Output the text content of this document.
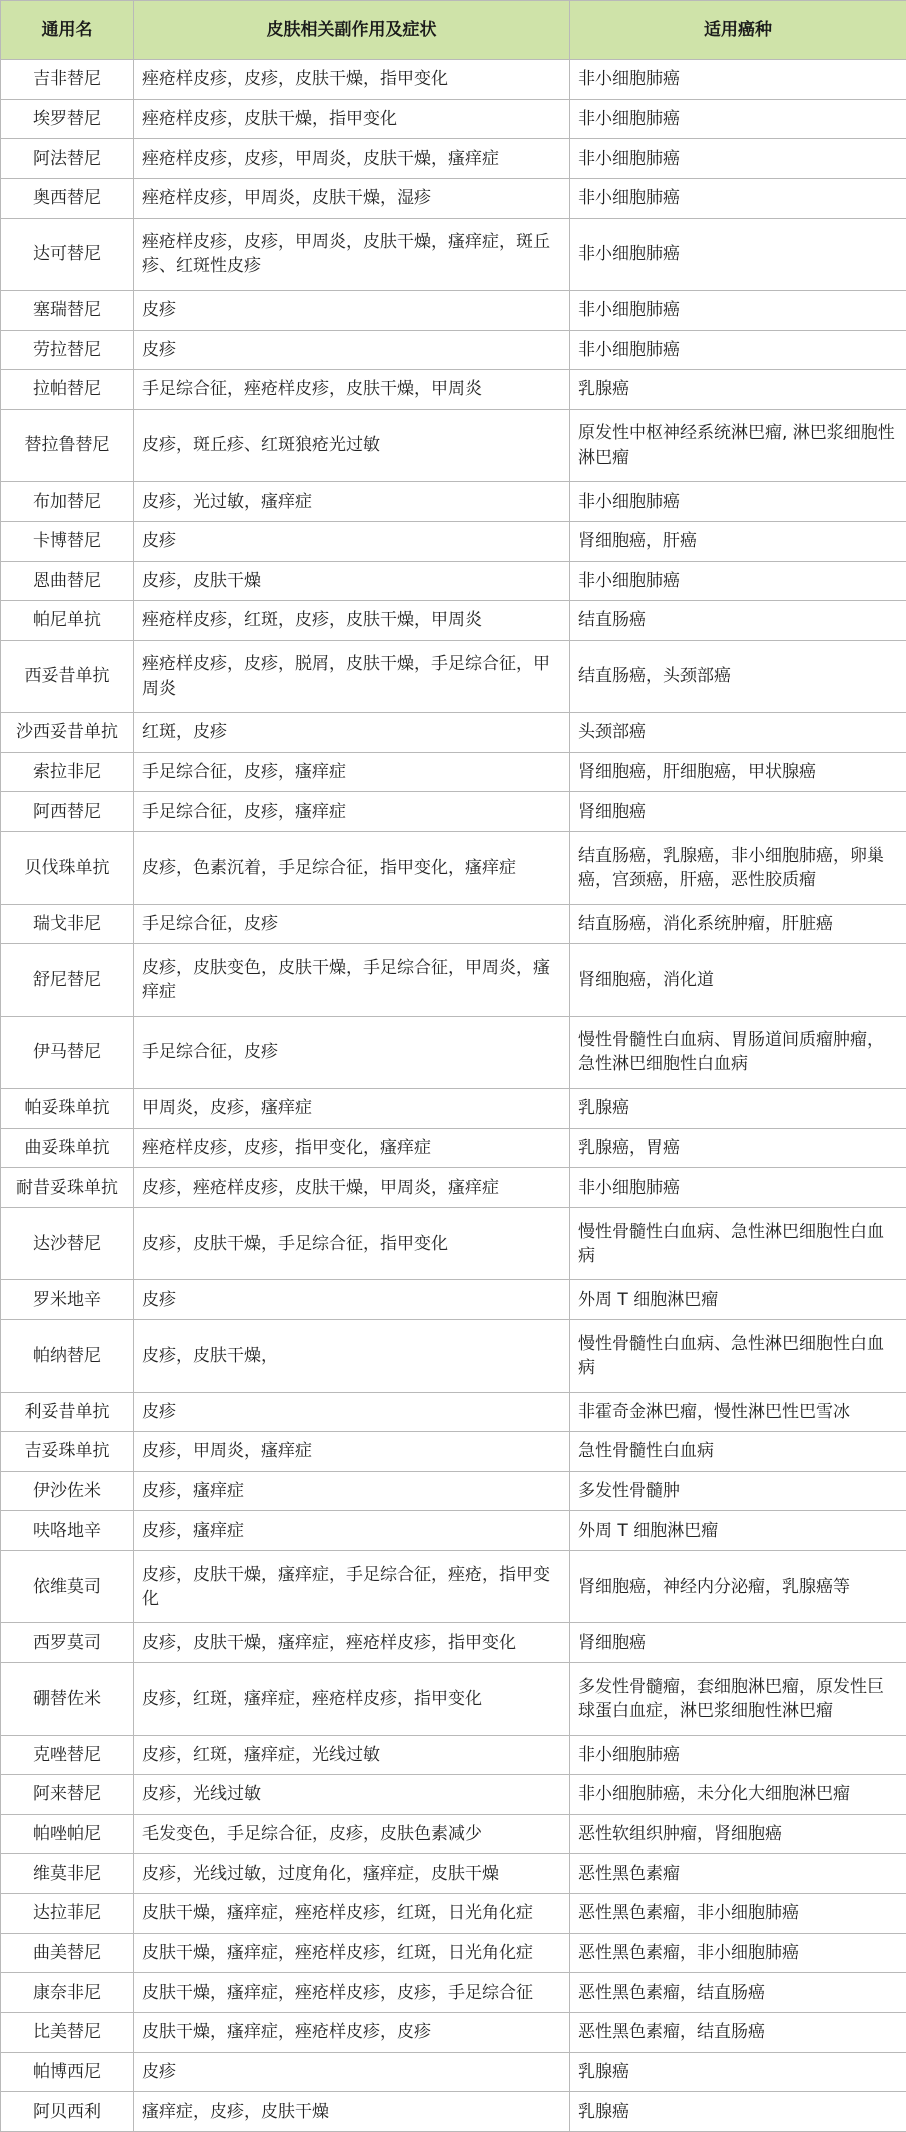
通用名	皮肤相关副作用及症状	适用癌种
吉非替尼	痤疮样皮疹，皮疹，皮肤干燥，指甲变化	非小细胞肺癌
埃罗替尼	痤疮样皮疹，皮肤干燥，指甲变化	非小细胞肺癌
阿法替尼	痤疮样皮疹，皮疹，甲周炎，皮肤干燥，瘙痒症	非小细胞肺癌
奥西替尼	痤疮样皮疹，甲周炎，皮肤干燥，湿疹	非小细胞肺癌
达可替尼	痤疮样皮疹，皮疹，甲周炎，皮肤干燥，瘙痒症，斑丘疹、红斑性皮疹	非小细胞肺癌
塞瑞替尼	皮疹	非小细胞肺癌
劳拉替尼	皮疹	非小细胞肺癌
拉帕替尼	手足综合征，痤疮样皮疹，皮肤干燥，甲周炎	乳腺癌
替拉鲁替尼	皮疹，斑丘疹、红斑狼疮光过敏	原发性中枢神经系统淋巴瘤, 淋巴浆细胞性淋巴瘤
布加替尼	皮疹，光过敏，瘙痒症	非小细胞肺癌
卡博替尼	皮疹	肾细胞癌，肝癌
恩曲替尼	皮疹，皮肤干燥	非小细胞肺癌
帕尼单抗	痤疮样皮疹，红斑，皮疹，皮肤干燥，甲周炎	结直肠癌
西妥昔单抗	痤疮样皮疹，皮疹，脱屑，皮肤干燥，手足综合征，甲周炎	结直肠癌，头颈部癌
沙西妥昔单抗	红斑，皮疹	头颈部癌
索拉非尼	手足综合征，皮疹，瘙痒症	肾细胞癌，肝细胞癌，甲状腺癌
阿西替尼	手足综合征，皮疹，瘙痒症	肾细胞癌
贝伐珠单抗	皮疹，色素沉着，手足综合征，指甲变化，瘙痒症	结直肠癌，乳腺癌，非小细胞肺癌，卵巢癌，宫颈癌，肝癌，恶性胶质瘤
瑞戈非尼	手足综合征，皮疹	结直肠癌，消化系统肿瘤，肝脏癌
舒尼替尼	皮疹，皮肤变色，皮肤干燥，手足综合征，甲周炎，瘙痒症	肾细胞癌，消化道
伊马替尼	手足综合征，皮疹	慢性骨髓性白血病、胃肠道间质瘤肿瘤，急性淋巴细胞性白血病
帕妥珠单抗	甲周炎，皮疹，瘙痒症	乳腺癌
曲妥珠单抗	痤疮样皮疹，皮疹，指甲变化，瘙痒症	乳腺癌，胃癌
耐昔妥珠单抗	皮疹，痤疮样皮疹，皮肤干燥，甲周炎，瘙痒症	非小细胞肺癌
达沙替尼	皮疹，皮肤干燥，手足综合征，指甲变化	慢性骨髓性白血病、急性淋巴细胞性白血病
罗米地辛	皮疹	外周 T 细胞淋巴瘤
帕纳替尼	皮疹，皮肤干燥，	慢性骨髓性白血病、急性淋巴细胞性白血病
利妥昔单抗	皮疹	非霍奇金淋巴瘤，慢性淋巴性巴雪冰
吉妥珠单抗	皮疹，甲周炎，瘙痒症	急性骨髓性白血病
伊沙佐米	皮疹，瘙痒症	多发性骨髓肿
呋咯地辛	皮疹，瘙痒症	外周 T 细胞淋巴瘤
依维莫司	皮疹，皮肤干燥，瘙痒症，手足综合征，痤疮，指甲变化	肾细胞癌，神经内分泌瘤，乳腺癌等
西罗莫司	皮疹，皮肤干燥，瘙痒症，痤疮样皮疹，指甲变化	肾细胞癌
硼替佐米	皮疹，红斑，瘙痒症，痤疮样皮疹，指甲变化	多发性骨髓瘤，套细胞淋巴瘤，原发性巨球蛋白血症，淋巴浆细胞性淋巴瘤
克唑替尼	皮疹，红斑，瘙痒症，光线过敏	非小细胞肺癌
阿来替尼	皮疹，光线过敏	非小细胞肺癌，未分化大细胞淋巴瘤
帕唑帕尼	毛发变色，手足综合征，皮疹，皮肤色素减少	恶性软组织肿瘤，肾细胞癌
维莫非尼	皮疹，光线过敏，过度角化，瘙痒症，皮肤干燥	恶性黑色素瘤
达拉菲尼	皮肤干燥，瘙痒症，痤疮样皮疹，红斑，日光角化症	恶性黑色素瘤，非小细胞肺癌
曲美替尼	皮肤干燥，瘙痒症，痤疮样皮疹，红斑，日光角化症	恶性黑色素瘤，非小细胞肺癌
康奈非尼	皮肤干燥，瘙痒症，痤疮样皮疹，皮疹，手足综合征	恶性黑色素瘤，结直肠癌
比美替尼	皮肤干燥，瘙痒症，痤疮样皮疹，皮疹	恶性黑色素瘤，结直肠癌
帕博西尼	皮疹	乳腺癌
阿贝西利	瘙痒症，皮疹，皮肤干燥	乳腺癌
